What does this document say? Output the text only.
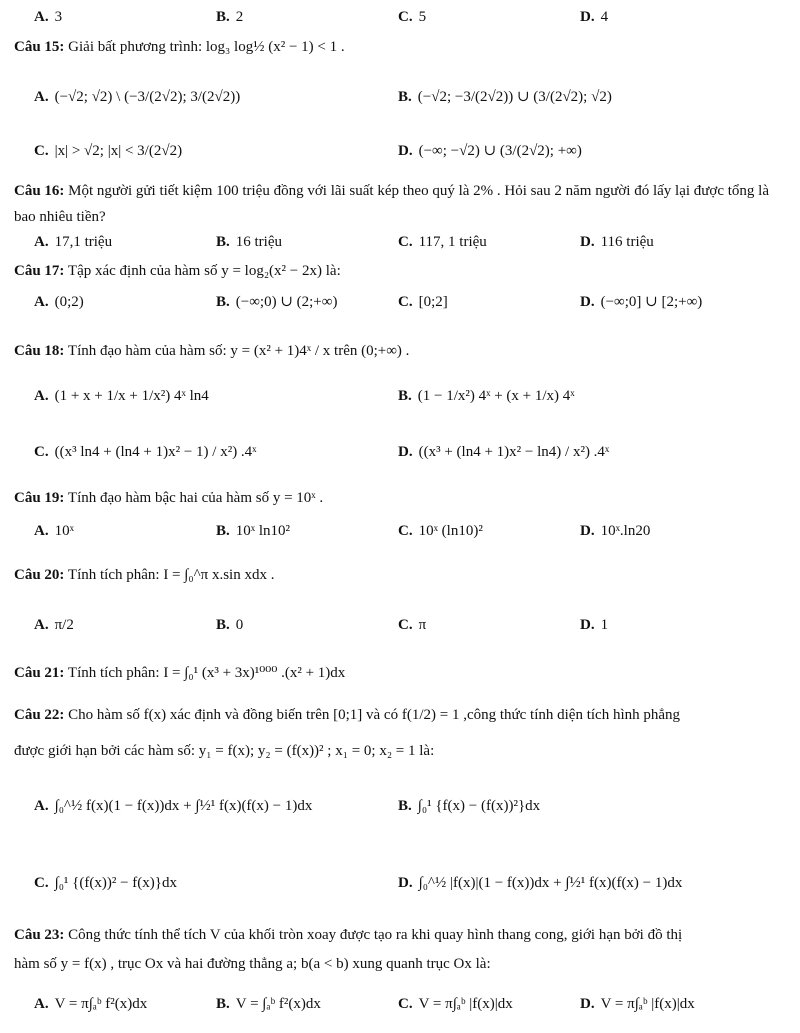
A. 3	B. 2	C. 5	D. 4
Câu 15: Giải bất phương trình: log₃ log½ (x² − 1) < 1 .
A. (−√2; √2) \ (−3/(2√2); 3/(2√2))	B. (−√2; −3/(2√2)) ∪ (3/(2√2); √2)
C. |x| > √2; |x| < 3/(2√2)	D. (−∞; −√2) ∪ (3/(2√2); +∞)
Câu 16: Một người gửi tiết kiệm 100 triệu đồng với lãi suất kép theo quý là 2% . Hỏi sau 2 năm người đó lấy lại được tổng là bao nhiêu tiền?
A. 17,1 triệu	B. 16 triệu	C. 117, 1 triệu	D. 116 triệu
Câu 17: Tập xác định của hàm số y = log₂(x² − 2x) là:
A. (0;2)	B. (−∞;0) ∪ (2;+∞)	C. [0;2]	D. (−∞;0] ∪ [2;+∞)
Câu 18: Tính đạo hàm của hàm số: y = (x² + 1)4ˣ / x trên (0;+∞) .
A. (1 + x + 1/x + 1/x²) 4ˣ ln4	B. (1 − 1/x²) 4ˣ + (x + 1/x) 4ˣ
C. ((x³ ln4 + (ln4 + 1)x² − 1) / x²) .4ˣ	D. ((x³ + (ln4 + 1)x² − ln4) / x²) .4ˣ
Câu 19: Tính đạo hàm bậc hai của hàm số y = 10ˣ .
A. 10ˣ	B. 10ˣ ln10²	C. 10ˣ (ln10)²	D. 10ˣ.ln20
Câu 20: Tính tích phân: I = ∫₀^π x.sin xdx .
A. π/2	B. 0	C. π	D. 1
Câu 21: Tính tích phân: I = ∫₀¹ (x³ + 3x)¹⁰⁰⁰ .(x² + 1)dx
Câu 22: Cho hàm số f(x) xác định và đồng biến trên [0;1] và có f(1/2) = 1 ,công thức tính diện tích hình phẳng
được giới hạn bởi các hàm số: y₁ = f(x); y₂ = (f(x))² ; x₁ = 0; x₂ = 1 là:
A. ∫₀^½ f(x)(1 − f(x))dx + ∫½¹ f(x)(f(x) − 1)dx	B. ∫₀¹ {f(x) − (f(x))²}dx
C. ∫₀¹ {(f(x))² − f(x)}dx	D. ∫₀^½ |f(x)|(1 − f(x))dx + ∫½¹ f(x)(f(x) − 1)dx
Câu 23: Công thức tính thể tích V của khối tròn xoay được tạo ra khi quay hình thang cong, giới hạn bởi đồ thị
hàm số y = f(x) , trục Ox và hai đường thẳng a; b(a < b) xung quanh trục Ox là:
A. V = π∫ₐᵇ f²(x)dx	B. V = ∫ₐᵇ f²(x)dx	C. V = π∫ₐᵇ |f(x)|dx	D. V = π∫ₐᵇ |f(x)|dx
